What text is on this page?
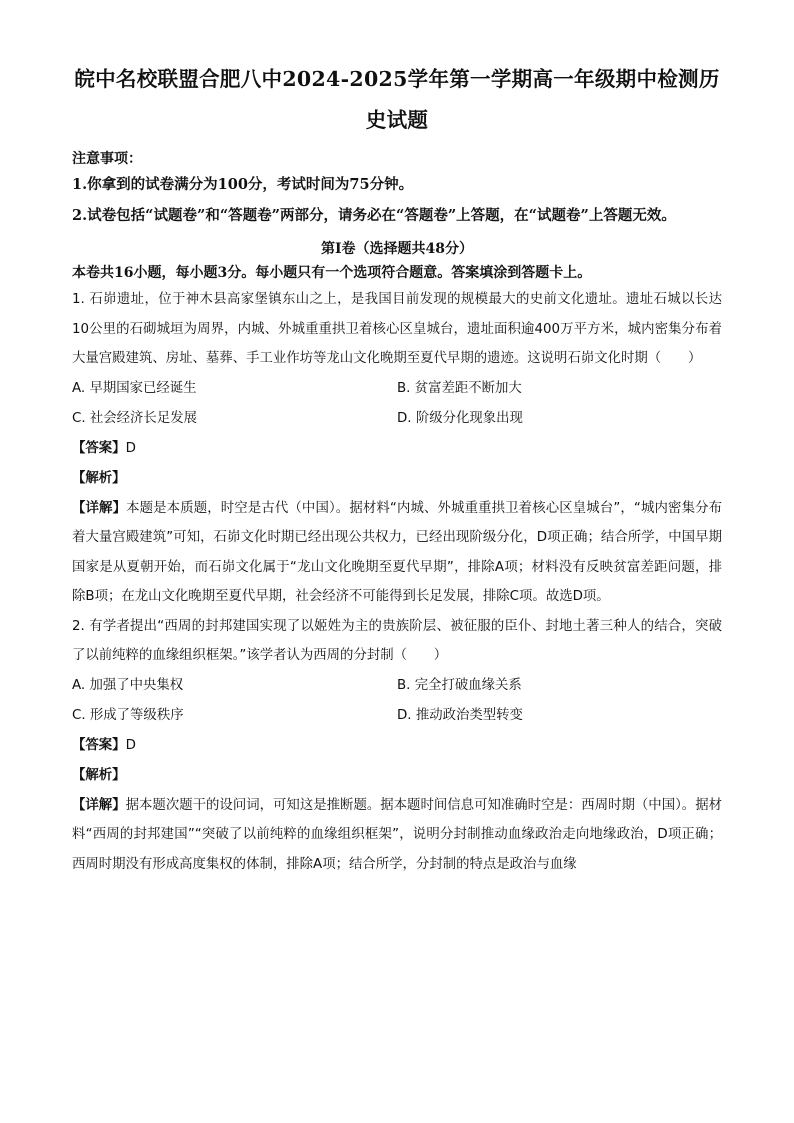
皖中名校联盟合肥八中2024-2025学年第一学期高一年级期中检测历
史试题
注意事项：

1.你拿到的试卷满分为100分，考试时间为75分钟。

2.试卷包括“试题卷”和“答题卷”两部分，请务必在“答题卷”上答题，在“试题卷”上答题无效。

第Ⅰ卷（选择题共48分）

本卷共16小题，每小题3分。每小题只有一个选项符合题意。答案填涂到答题卡上。

1. 石峁遗址，位于神木县高家堡镇东山之上，是我国目前发现的规模最大的史前文化遗址。遗址石城以长达10公里的石砌城垣为周界，内城、外城重重拱卫着核心区皇城台，遗址面积逾400万平方米，城内密集分布着大量宫殿建筑、房址、墓葬、手工业作坊等龙山文化晚期至夏代早期的遗迹。这说明石峁文化时期（　　）

A. 早期国家已经诞生	B. 贫富差距不断加大
C. 社会经济长足发展	D. 阶级分化现象出现

【答案】D

【解析】

【详解】本题是本质题，时空是古代（中国）。据材料“内城、外城重重拱卫着核心区皇城台”，“城内密集分布着大量宫殿建筑”可知，石峁文化时期已经出现公共权力，已经出现阶级分化，D项正确；结合所学，中国早期国家是从夏朝开始，而石峁文化属于“龙山文化晚期至夏代早期”，排除A项；材料没有反映贫富差距问题，排除B项；在龙山文化晚期至夏代早期，社会经济不可能得到长足发展，排除C项。故选D项。

2. 有学者提出“西周的封邦建国实现了以姬姓为主的贵族阶层、被征服的臣仆、封地土著三种人的结合，突破了以前纯粹的血缘组织框架。”该学者认为西周的分封制（　　）

A. 加强了中央集权	B. 完全打破血缘关系
C. 形成了等级秩序	D. 推动政治类型转变

【答案】D

【解析】

【详解】据本题次题干的设问词，可知这是推断题。据本题时间信息可知准确时空是：西周时期（中国）。据材料“西周的封邦建国”“突破了以前纯粹的血缘组织框架”，说明分封制推动血缘政治走向地缘政治，D项正确；西周时期没有形成高度集权的体制，排除A项；结合所学，分封制的特点是政治与血缘
